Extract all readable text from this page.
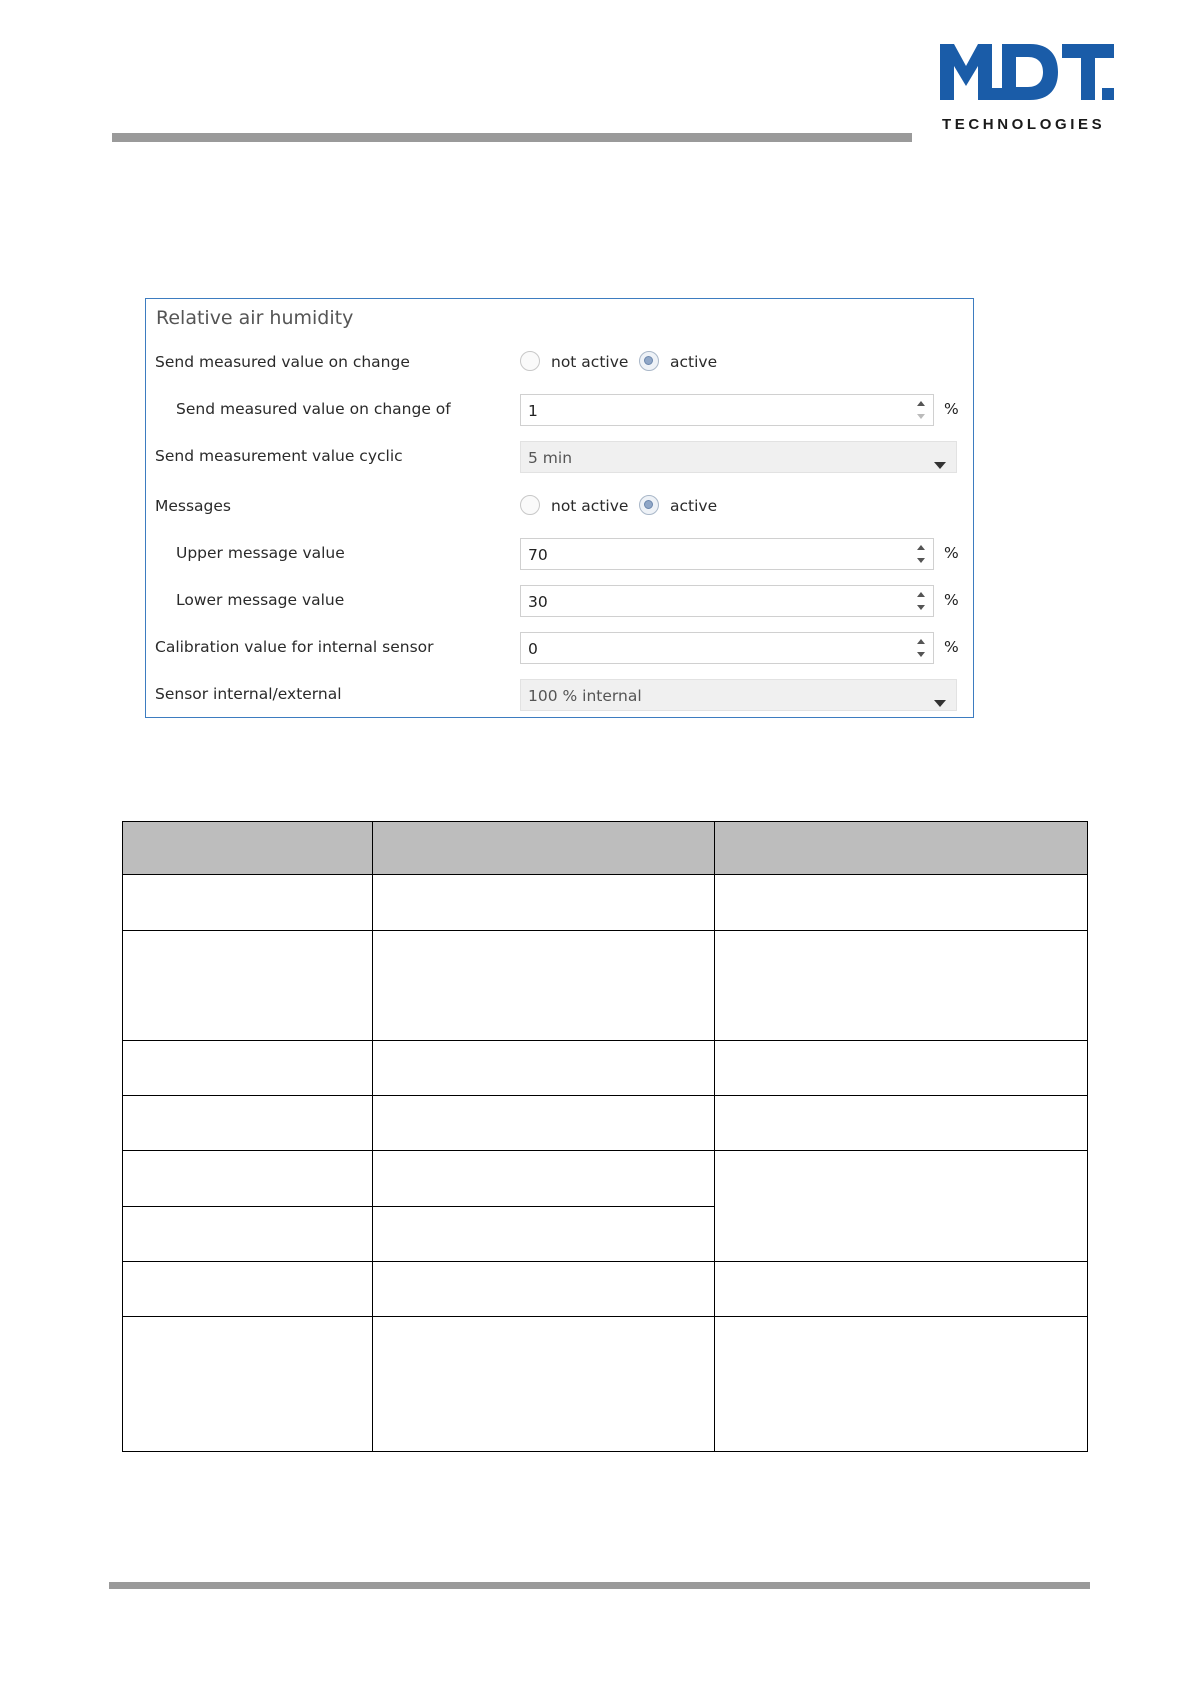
TECHNOLOGIES
Relative air humidity
Send measured value on change	not active	active
Send measured value on change of	1	%
Send measurement value cyclic	5 min
Messages	not active	active
Upper message value	70	%
Lower message value	30	%
Calibration value for internal sensor	0	%
Sensor internal/external	100 % internal
